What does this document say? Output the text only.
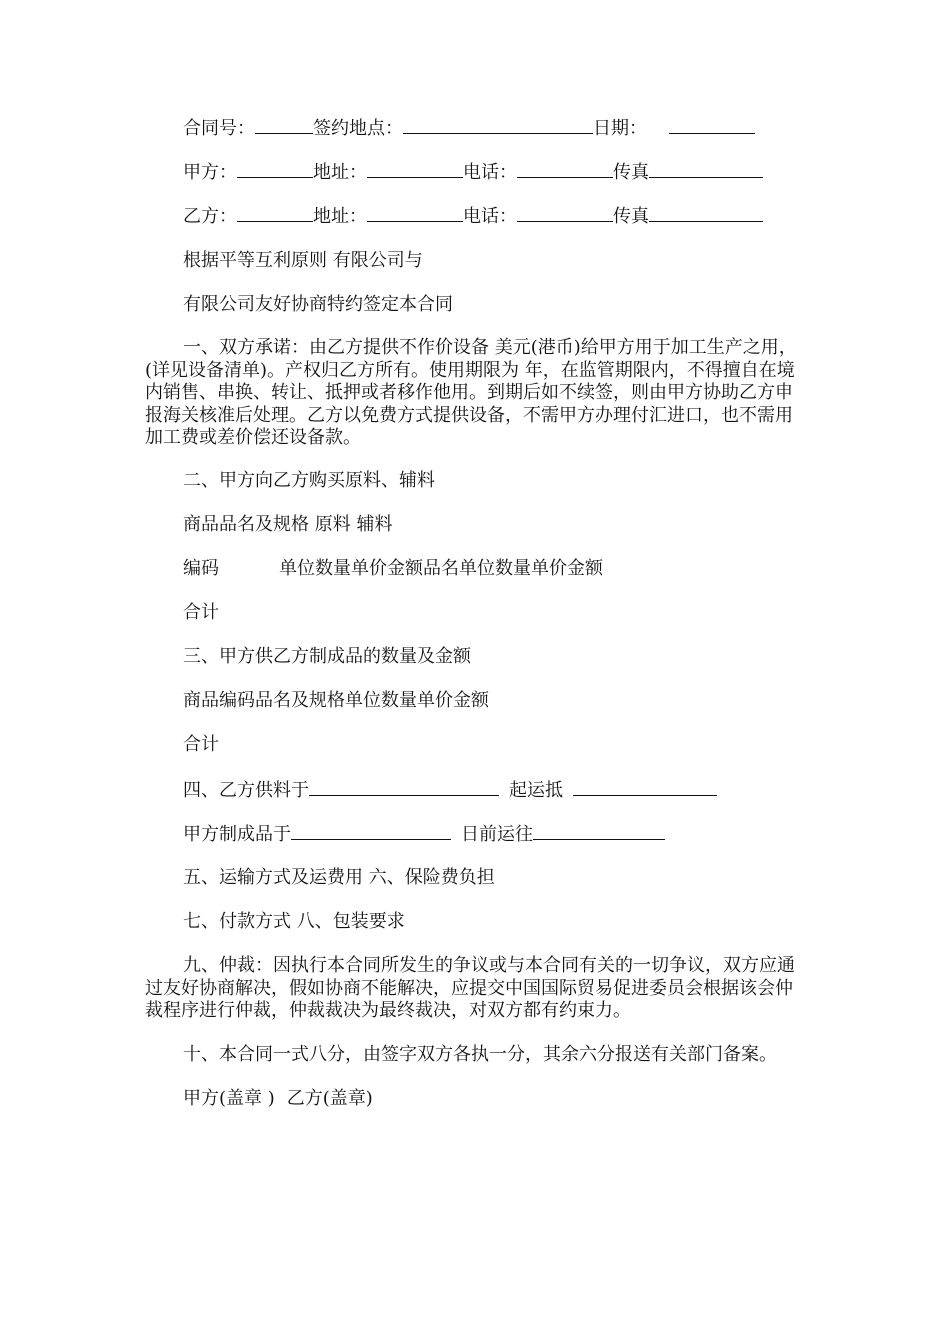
合同号：	签约地点：	日期：
甲方：	地址：	电话：	传真
乙方：	地址：	电话：	传真
根据平等互利原则 有限公司与
有限公司友好协商特约签定本合同
一、双方承诺：由乙方提供不作价设备 美元(港币)给甲方用于加工生产之用，(详见设备清单)。产权归乙方所有。使用期限为 年，在监管期限内，不得擅自在境内销售、串换、转让、抵押或者移作他用。到期后如不续签，则由甲方协助乙方申报海关核准后处理。乙方以免费方式提供设备，不需甲方办理付汇进口，也不需用加工费或差价偿还设备款。
二、甲方向乙方购买原料、辅料
商品品名及规格 原料 辅料
编码	单位数量单价金额品名单位数量单价金额
合计
三、甲方供乙方制成品的数量及金额
商品编码品名及规格单位数量单价金额
合计
四、乙方供料于	起运抵
甲方制成品于	日前运往
五、运输方式及运费用 六、保险费负担
七、付款方式 八、包装要求
九、仲裁：因执行本合同所发生的争议或与本合同有关的一切争议，双方应通过友好协商解决，假如协商不能解决，应提交中国国际贸易促进委员会根据该会仲裁程序进行仲裁，仲裁裁决为最终裁决，对双方都有约束力。
十、本合同一式八分，由签字双方各执一分，其余六分报送有关部门备案。
甲方(盖章 ) 乙方(盖章)
